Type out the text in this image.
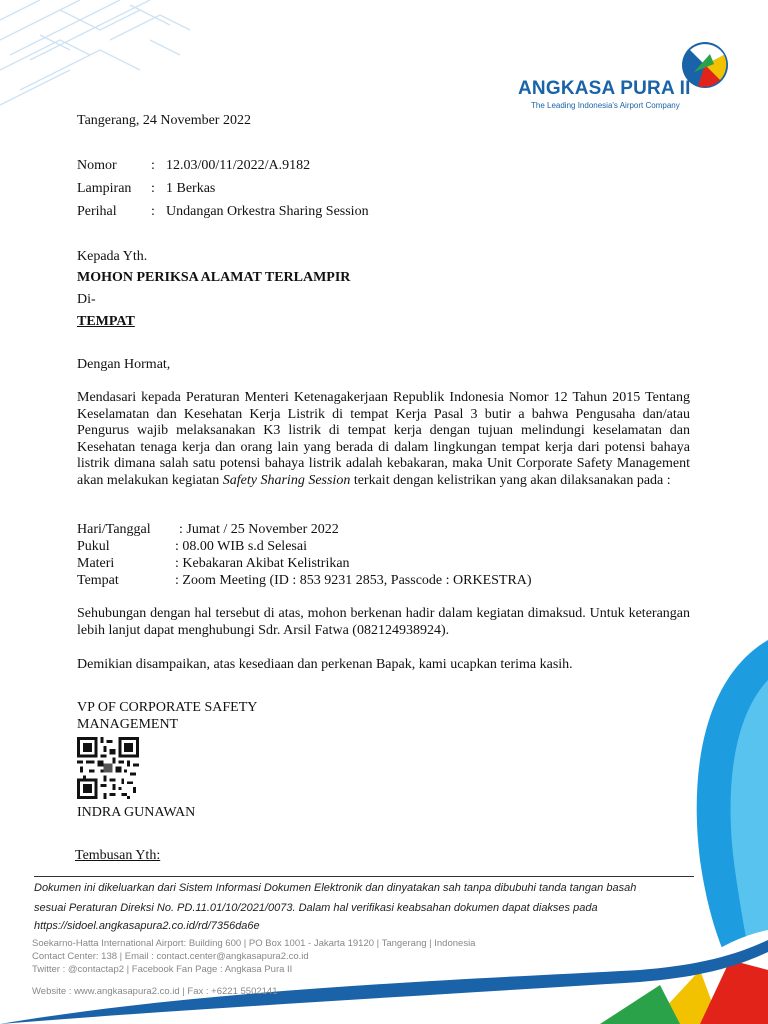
ANGKASA PURA II
The Leading Indonesia's Airport Company
Tangerang, 24 November 2022
Nomor : 12.03/00/11/2022/A.9182
Lampiran : 1 Berkas
Perihal : Undangan Orkestra Sharing Session
Kepada Yth.
MOHON PERIKSA ALAMAT TERLAMPIR
Di-
TEMPAT
Dengan Hormat,
Mendasari kepada Peraturan Menteri Ketenagakerjaan Republik Indonesia Nomor 12 Tahun 2015 Tentang Keselamatan dan Kesehatan Kerja Listrik di tempat Kerja Pasal 3 butir a bahwa Pengusaha dan/atau Pengurus wajib melaksanakan K3 listrik di tempat kerja dengan tujuan melindungi keselamatan dan Kesehatan tenaga kerja dan orang lain yang berada di dalam lingkungan tempat kerja dari potensi bahaya listrik dimana salah satu potensi bahaya listrik adalah kebakaran, maka Unit Corporate Safety Management akan melakukan kegiatan Safety Sharing Session terkait dengan kelistrikan yang akan dilaksanakan pada :
Hari/Tanggal : Jumat / 25 November 2022
Pukul	: 08.00 WIB s.d Selesai
Materi	: Kebakaran Akibat Kelistrikan
Tempat	: Zoom Meeting (ID : 853 9231 2853, Passcode : ORKESTRA)
Sehubungan dengan hal tersebut di atas, mohon berkenan hadir dalam kegiatan dimaksud. Untuk keterangan lebih lanjut dapat menghubungi Sdr. Arsil Fatwa (082124938924).
Demikian disampaikan, atas kesediaan dan perkenan Bapak, kami ucapkan terima kasih.
VP OF CORPORATE SAFETY
MANAGEMENT
INDRA GUNAWAN
Tembusan Yth:
Dokumen ini dikeluarkan dari Sistem Informasi Dokumen Elektronik dan dinyatakan sah tanpa dibubuhi tanda tangan basah
sesuai Peraturan Direksi No. PD.11.01/10/2021/0073. Dalam hal verifikasi keabsahan dokumen dapat diakses pada
https://sidoel.angkasapura2.co.id/rd/7356da6e
Soekarno-Hatta International Airport: Building 600 | PO Box 1001 - Jakarta 19120 | Tangerang | Indonesia
Contact Center: 138 | Email : contact.center@angkasapura2.co.id
Twitter : @contactap2 | Facebook Fan Page : Angkasa Pura II
Website : www.angkasapura2.co.id | Fax : +6221 5502141
